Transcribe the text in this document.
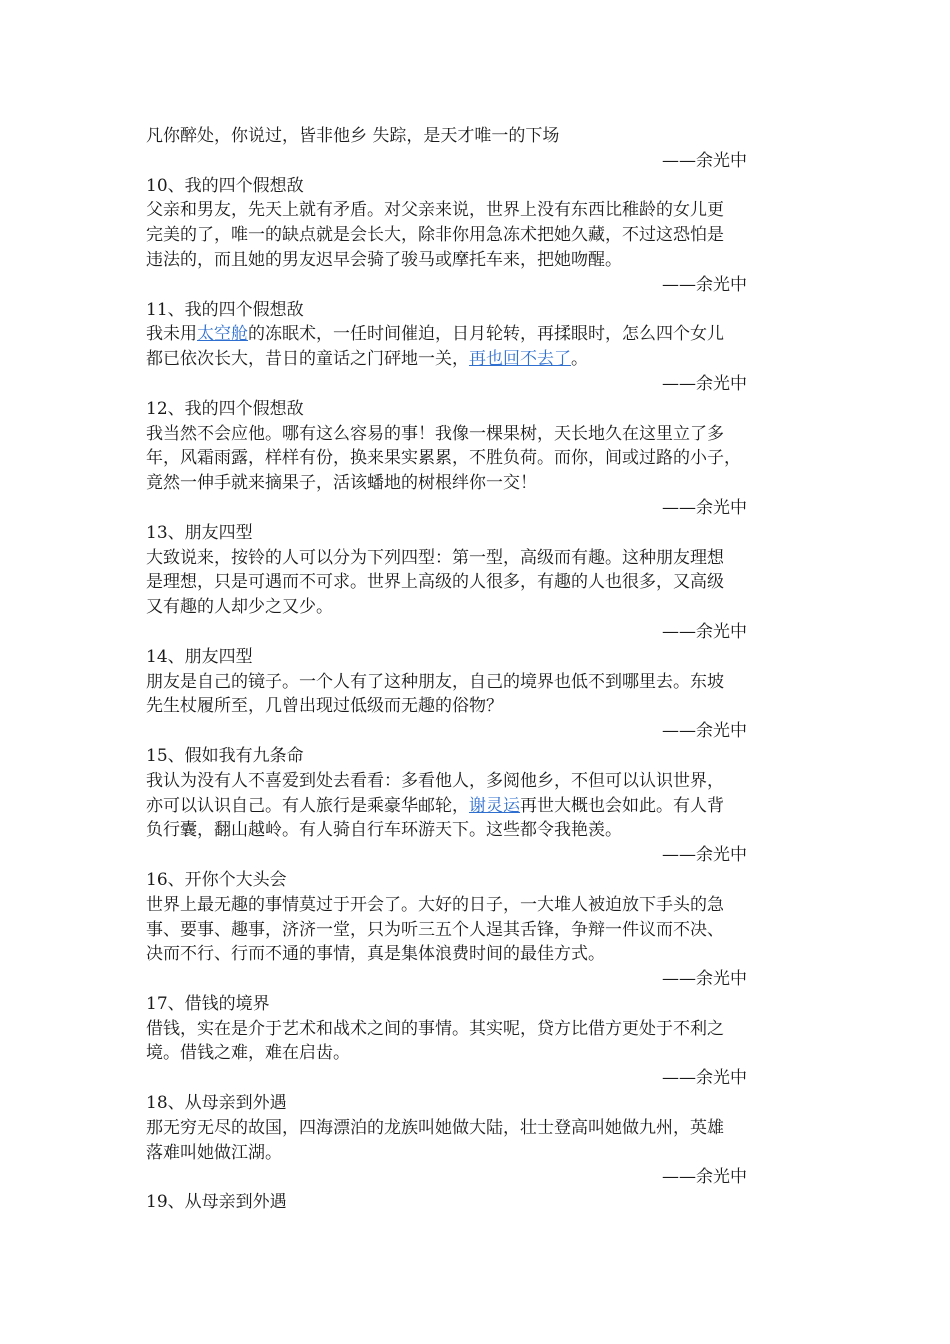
凡你醉处，你说过，皆非他乡 失踪，是天才唯一的下场

——余光中

10、我的四个假想敌

父亲和男友，先天上就有矛盾。对父亲来说，世界上没有东西比稚龄的女儿更

完美的了，唯一的缺点就是会长大，除非你用急冻术把她久藏，不过这恐怕是

违法的，而且她的男友迟早会骑了骏马或摩托车来，把她吻醒。

——余光中

11、我的四个假想敌

我未用太空舱的冻眠术，一任时间催迫，日月轮转，再揉眼时，怎么四个女儿

都已依次长大，昔日的童话之门砰地一关，再也回不去了。

——余光中

12、我的四个假想敌

我当然不会应他。哪有这么容易的事！我像一棵果树，天长地久在这里立了多

年，风霜雨露，样样有份，换来果实累累，不胜负荷。而你，间或过路的小子，

竟然一伸手就来摘果子，活该蟠地的树根绊你一交！

——余光中

13、朋友四型

大致说来，按铃的人可以分为下列四型：第一型，高级而有趣。这种朋友理想

是理想，只是可遇而不可求。世界上高级的人很多，有趣的人也很多，又高级

又有趣的人却少之又少。

——余光中

14、朋友四型

朋友是自己的镜子。一个人有了这种朋友，自己的境界也低不到哪里去。东坡

先生杖履所至，几曾出现过低级而无趣的俗物？

——余光中

15、假如我有九条命

我认为没有人不喜爱到处去看看：多看他人，多阅他乡，不但可以认识世界，

亦可以认识自己。有人旅行是乘豪华邮轮，谢灵运再世大概也会如此。有人背

负行囊，翻山越岭。有人骑自行车环游天下。这些都令我艳羡。

——余光中

16、开你个大头会

世界上最无趣的事情莫过于开会了。大好的日子，一大堆人被迫放下手头的急

事、要事、趣事，济济一堂，只为听三五个人逞其舌锋，争辩一件议而不决、

决而不行、行而不通的事情，真是集体浪费时间的最佳方式。

——余光中

17、借钱的境界

借钱，实在是介于艺术和战术之间的事情。其实呢，贷方比借方更处于不利之

境。借钱之难，难在启齿。

——余光中

18、从母亲到外遇

那无穷无尽的故国，四海漂泊的龙族叫她做大陆，壮士登高叫她做九州，英雄

落难叫她做江湖。

——余光中

19、从母亲到外遇
